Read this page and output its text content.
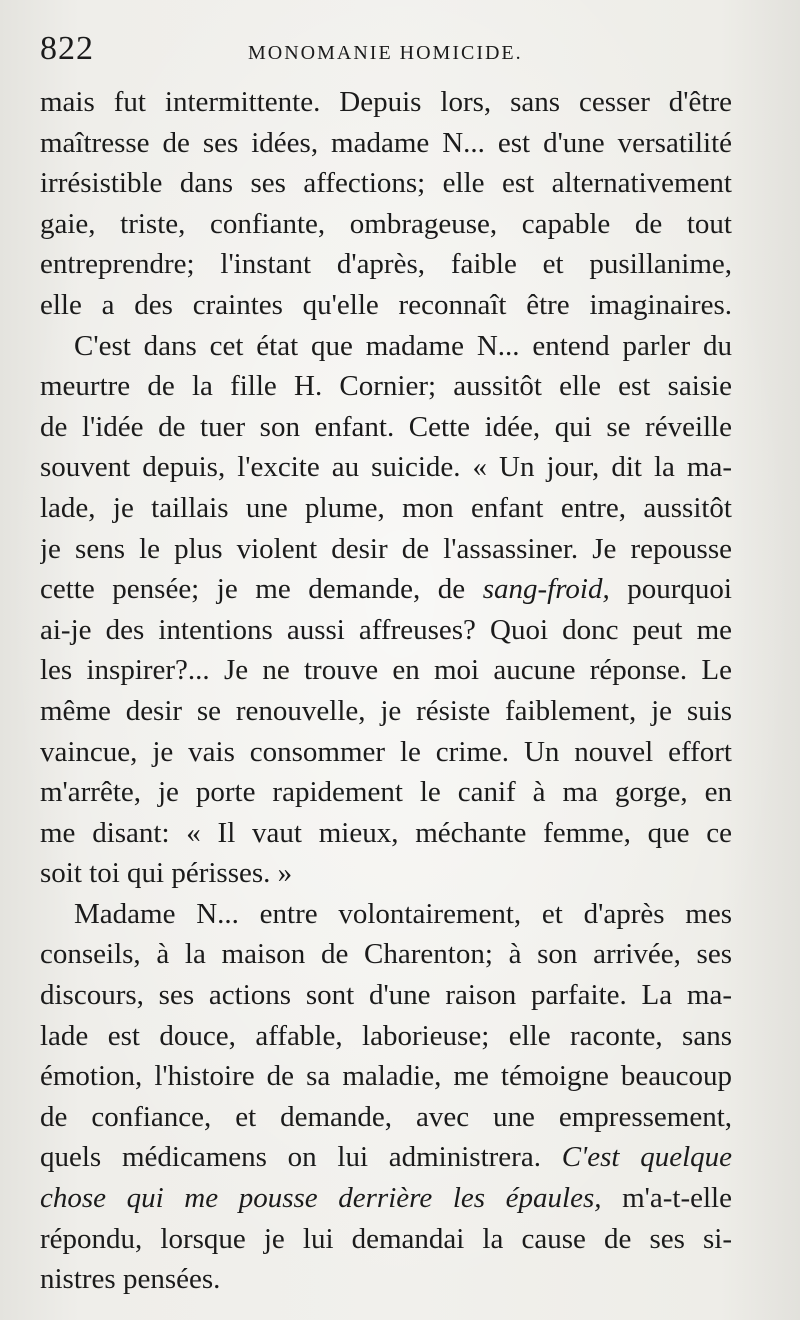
822	MONOMANIE HOMICIDE.
mais fut intermittente. Depuis lors, sans cesser d'être
maîtresse de ses idées, madame N... est d'une versatilité
irrésistible dans ses affections; elle est alternativement
gaie, triste, confiante, ombrageuse, capable de tout
entreprendre; l'instant d'après, faible et pusillanime,
elle a des craintes qu'elle reconnaît être imaginaires.
C'est dans cet état que madame N... entend parler du
meurtre de la fille H. Cornier; aussitôt elle est saisie
de l'idée de tuer son enfant. Cette idée, qui se réveille
souvent depuis, l'excite au suicide. « Un jour, dit la ma-
lade, je taillais une plume, mon enfant entre, aussitôt
je sens le plus violent desir de l'assassiner. Je repousse
cette pensée; je me demande, de sang-froid, pourquoi
ai-je des intentions aussi affreuses? Quoi donc peut me
les inspirer?... Je ne trouve en moi aucune réponse. Le
même desir se renouvelle, je résiste faiblement, je suis
vaincue, je vais consommer le crime. Un nouvel effort
m'arrête, je porte rapidement le canif à ma gorge, en
me disant: « Il vaut mieux, méchante femme, que ce
soit toi qui périsses. »
Madame N... entre volontairement, et d'après mes
conseils, à la maison de Charenton; à son arrivée, ses
discours, ses actions sont d'une raison parfaite. La ma-
lade est douce, affable, laborieuse; elle raconte, sans
émotion, l'histoire de sa maladie, me témoigne beaucoup
de confiance, et demande, avec une empressement,
quels médicamens on lui administrera. C'est quelque
chose qui me pousse derrière les épaules, m'a-t-elle
répondu, lorsque je lui demandai la cause de ses si-
nistres pensées.
